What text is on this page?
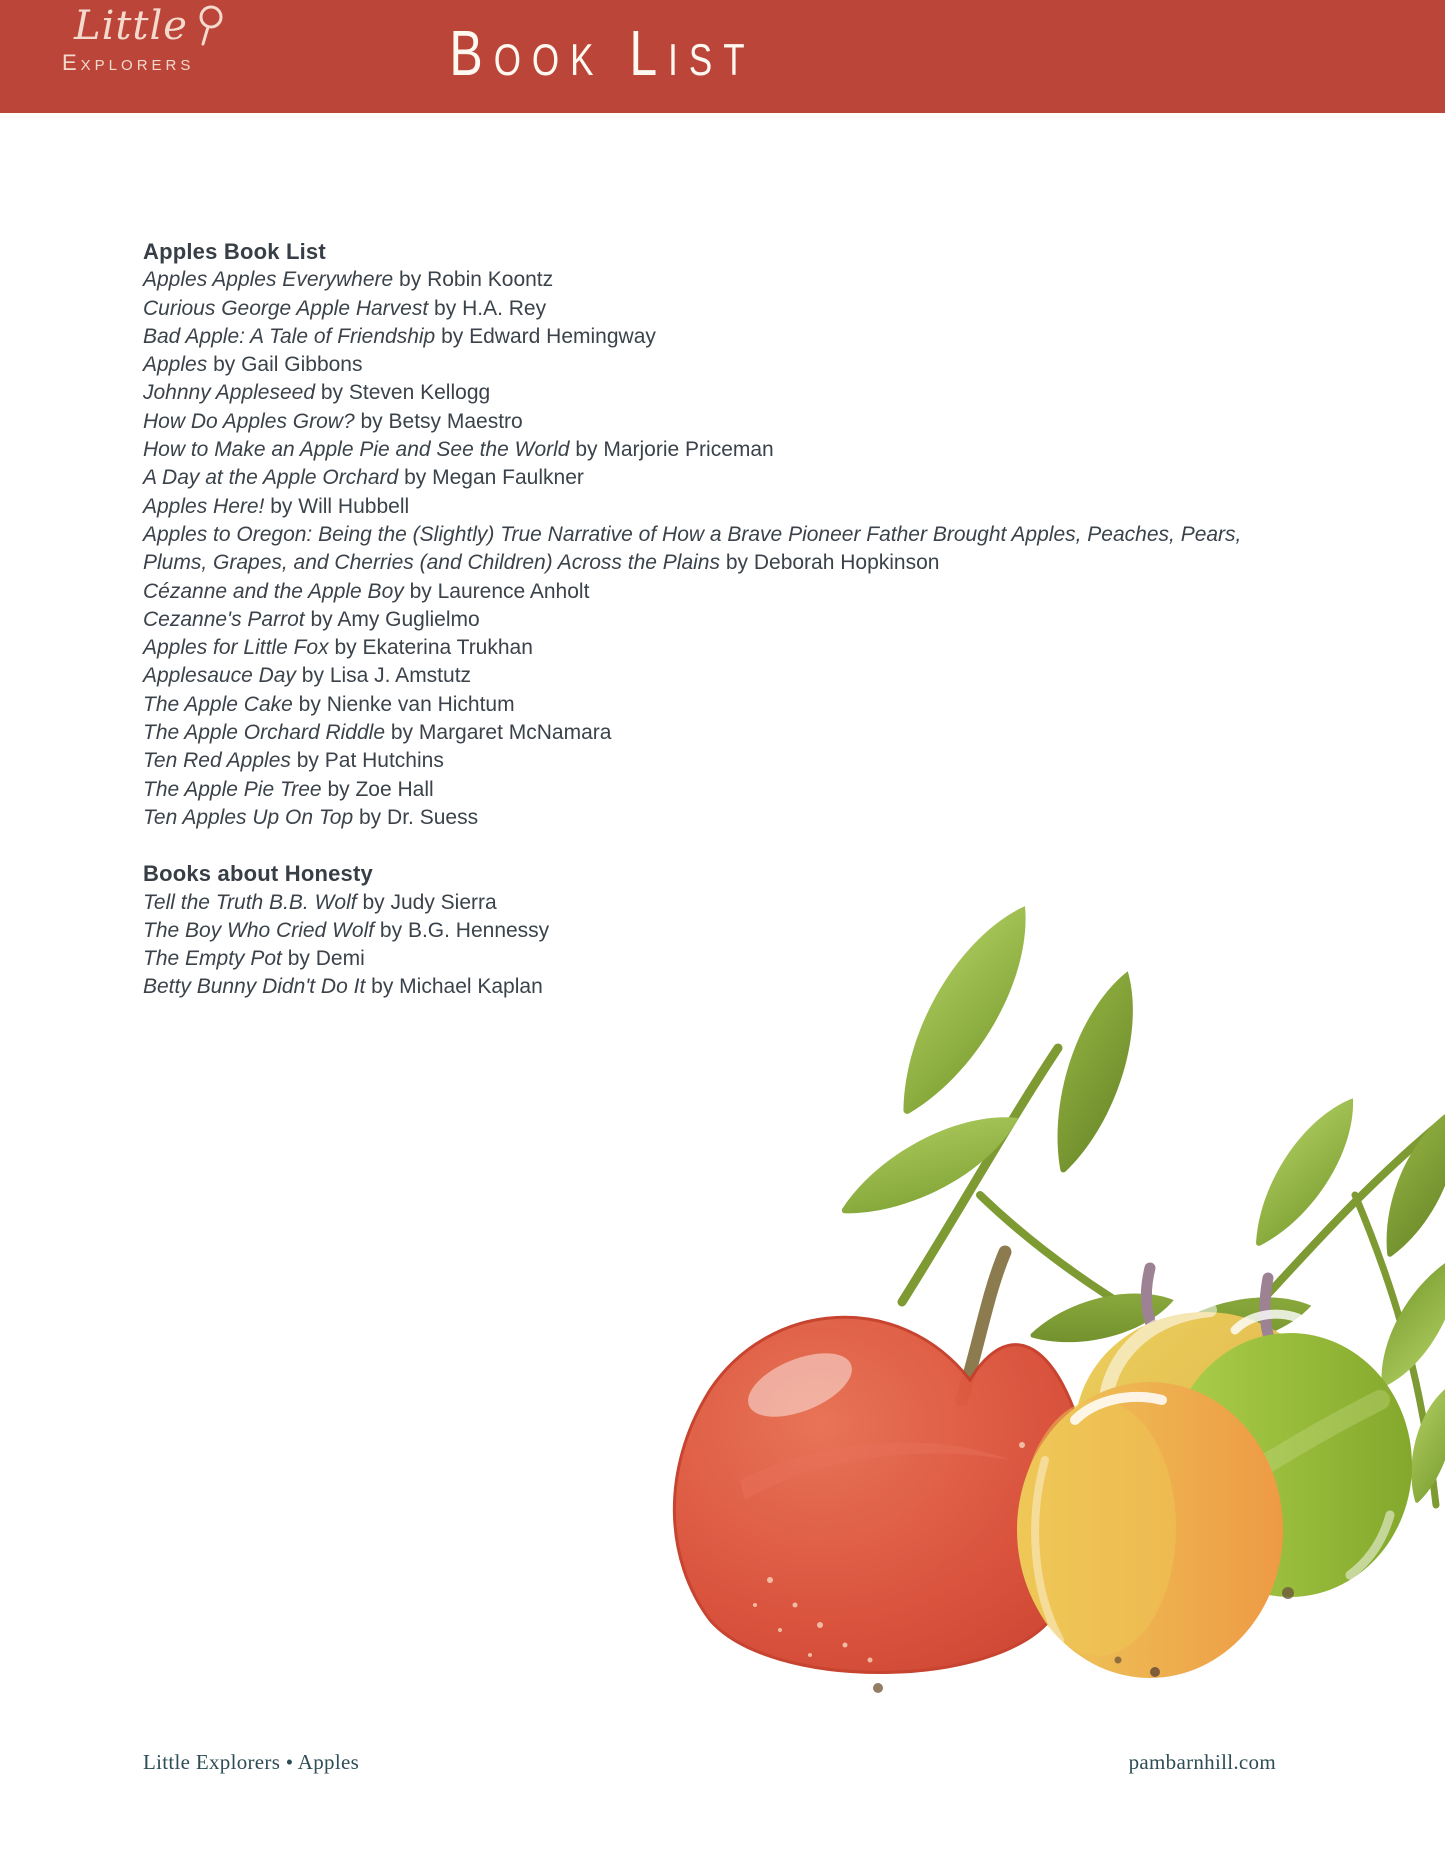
Little
Explorers	Book List
Apples Book List
Apples Apples Everywhere by Robin Koontz
Curious George Apple Harvest by H.A. Rey
Bad Apple: A Tale of Friendship by Edward Hemingway
Apples by Gail Gibbons
Johnny Appleseed by Steven Kellogg
How Do Apples Grow? by Betsy Maestro
How to Make an Apple Pie and See the World by Marjorie Priceman
A Day at the Apple Orchard by Megan Faulkner
Apples Here! by Will Hubbell
Apples to Oregon: Being the (Slightly) True Narrative of How a Brave Pioneer Father Brought Apples, Peaches, Pears, Plums, Grapes, and Cherries (and Children) Across the Plains by Deborah Hopkinson
Cézanne and the Apple Boy by Laurence Anholt
Cezanne's Parrot by Amy Guglielmo
Apples for Little Fox by Ekaterina Trukhan
Applesauce Day by Lisa J. Amstutz
The Apple Cake by Nienke van Hichtum
The Apple Orchard Riddle by Margaret McNamara
Ten Red Apples by Pat Hutchins
The Apple Pie Tree by Zoe Hall
Ten Apples Up On Top by Dr. Suess
Books about Honesty
Tell the Truth B.B. Wolf by Judy Sierra
The Boy Who Cried Wolf by B.G. Hennessy
The Empty Pot by Demi
Betty Bunny Didn't Do It by Michael Kaplan
Little Explorers • Apples	pambarnhill.com
